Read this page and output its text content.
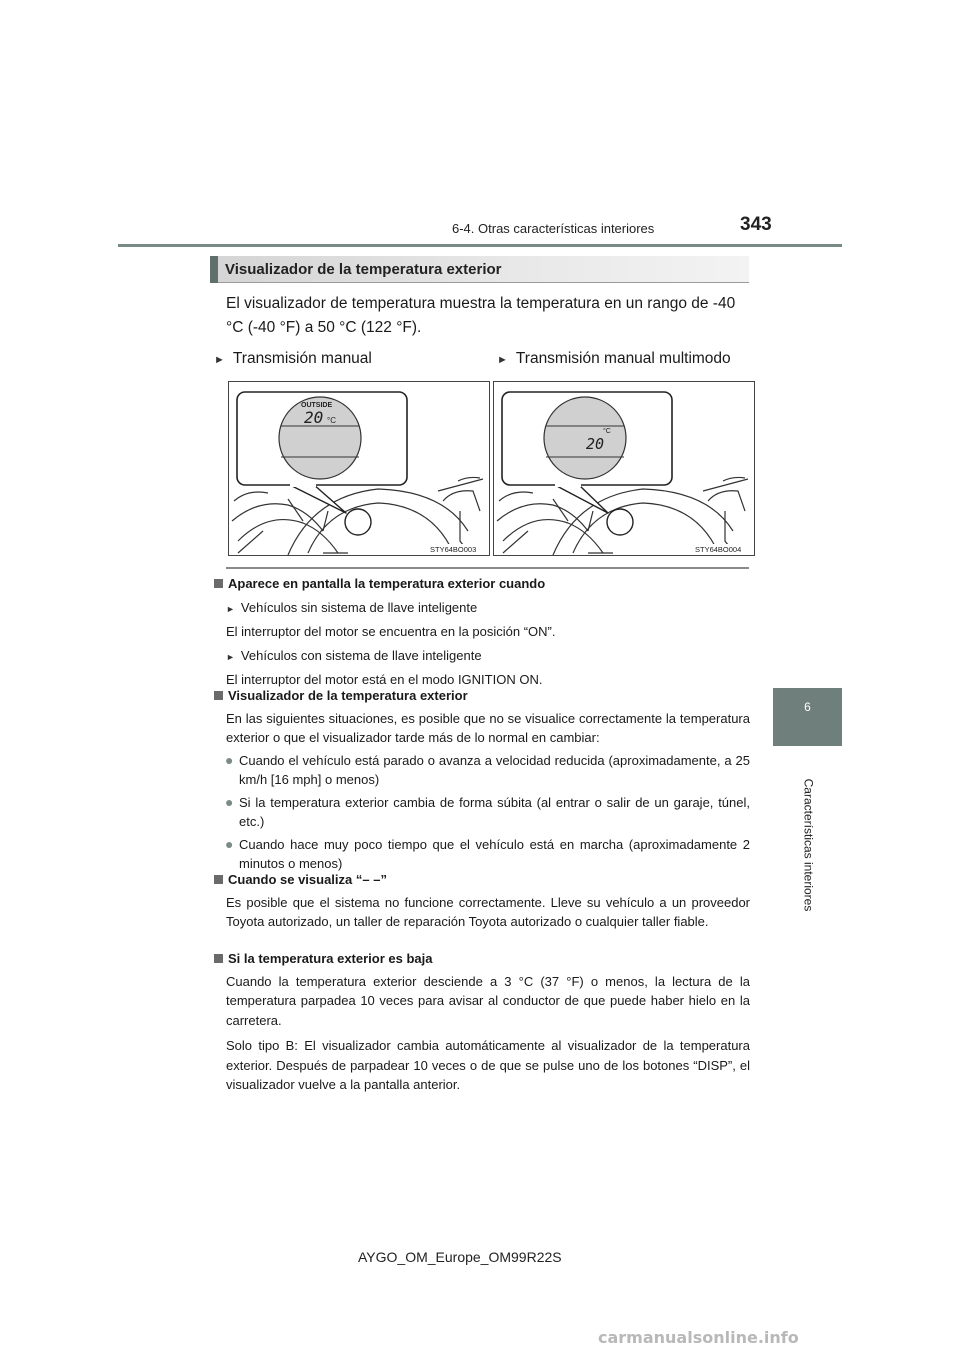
6-4. Otras características interiores	343
6
Características interiores
Visualizador de la temperatura exterior
El visualizador de temperatura muestra la temperatura en un rango de -40 °C (-40 °F) a 50 °C (122 °F).
► Transmisión manual	► Transmisión manual multimodo
OUTSIDE
20 °C
STY64BO003
°C
20
STY64BO004
Aparece en pantalla la temperatura exterior cuando
► Vehículos sin sistema de llave inteligente
El interruptor del motor se encuentra en la posición “ON”.
► Vehículos con sistema de llave inteligente
El interruptor del motor está en el modo IGNITION ON.
Visualizador de la temperatura exterior
En las siguientes situaciones, es posible que no se visualice correctamente la temperatura exterior o que el visualizador tarde más de lo normal en cambiar:
● Cuando el vehículo está parado o avanza a velocidad reducida (aproximadamente, a 25 km/h [16 mph] o menos)
● Si la temperatura exterior cambia de forma súbita (al entrar o salir de un garaje, túnel, etc.)
● Cuando hace muy poco tiempo que el vehículo está en marcha (aproximadamente 2 minutos o menos)
Cuando se visualiza “– –”
Es posible que el sistema no funcione correctamente. Lleve su vehículo a un proveedor Toyota autorizado, un taller de reparación Toyota autorizado o cualquier taller fiable.
Si la temperatura exterior es baja
Cuando la temperatura exterior desciende a 3 °C (37 °F) o menos, la lectura de la temperatura parpadea 10 veces para avisar al conductor de que puede haber hielo en la carretera.
Solo tipo B: El visualizador cambia automáticamente al visualizador de la temperatura exterior. Después de parpadear 10 veces o de que se pulse uno de los botones “DISP”, el visualizador vuelve a la pantalla anterior.
AYGO_OM_Europe_OM99R22S
carmanualsonline.info
